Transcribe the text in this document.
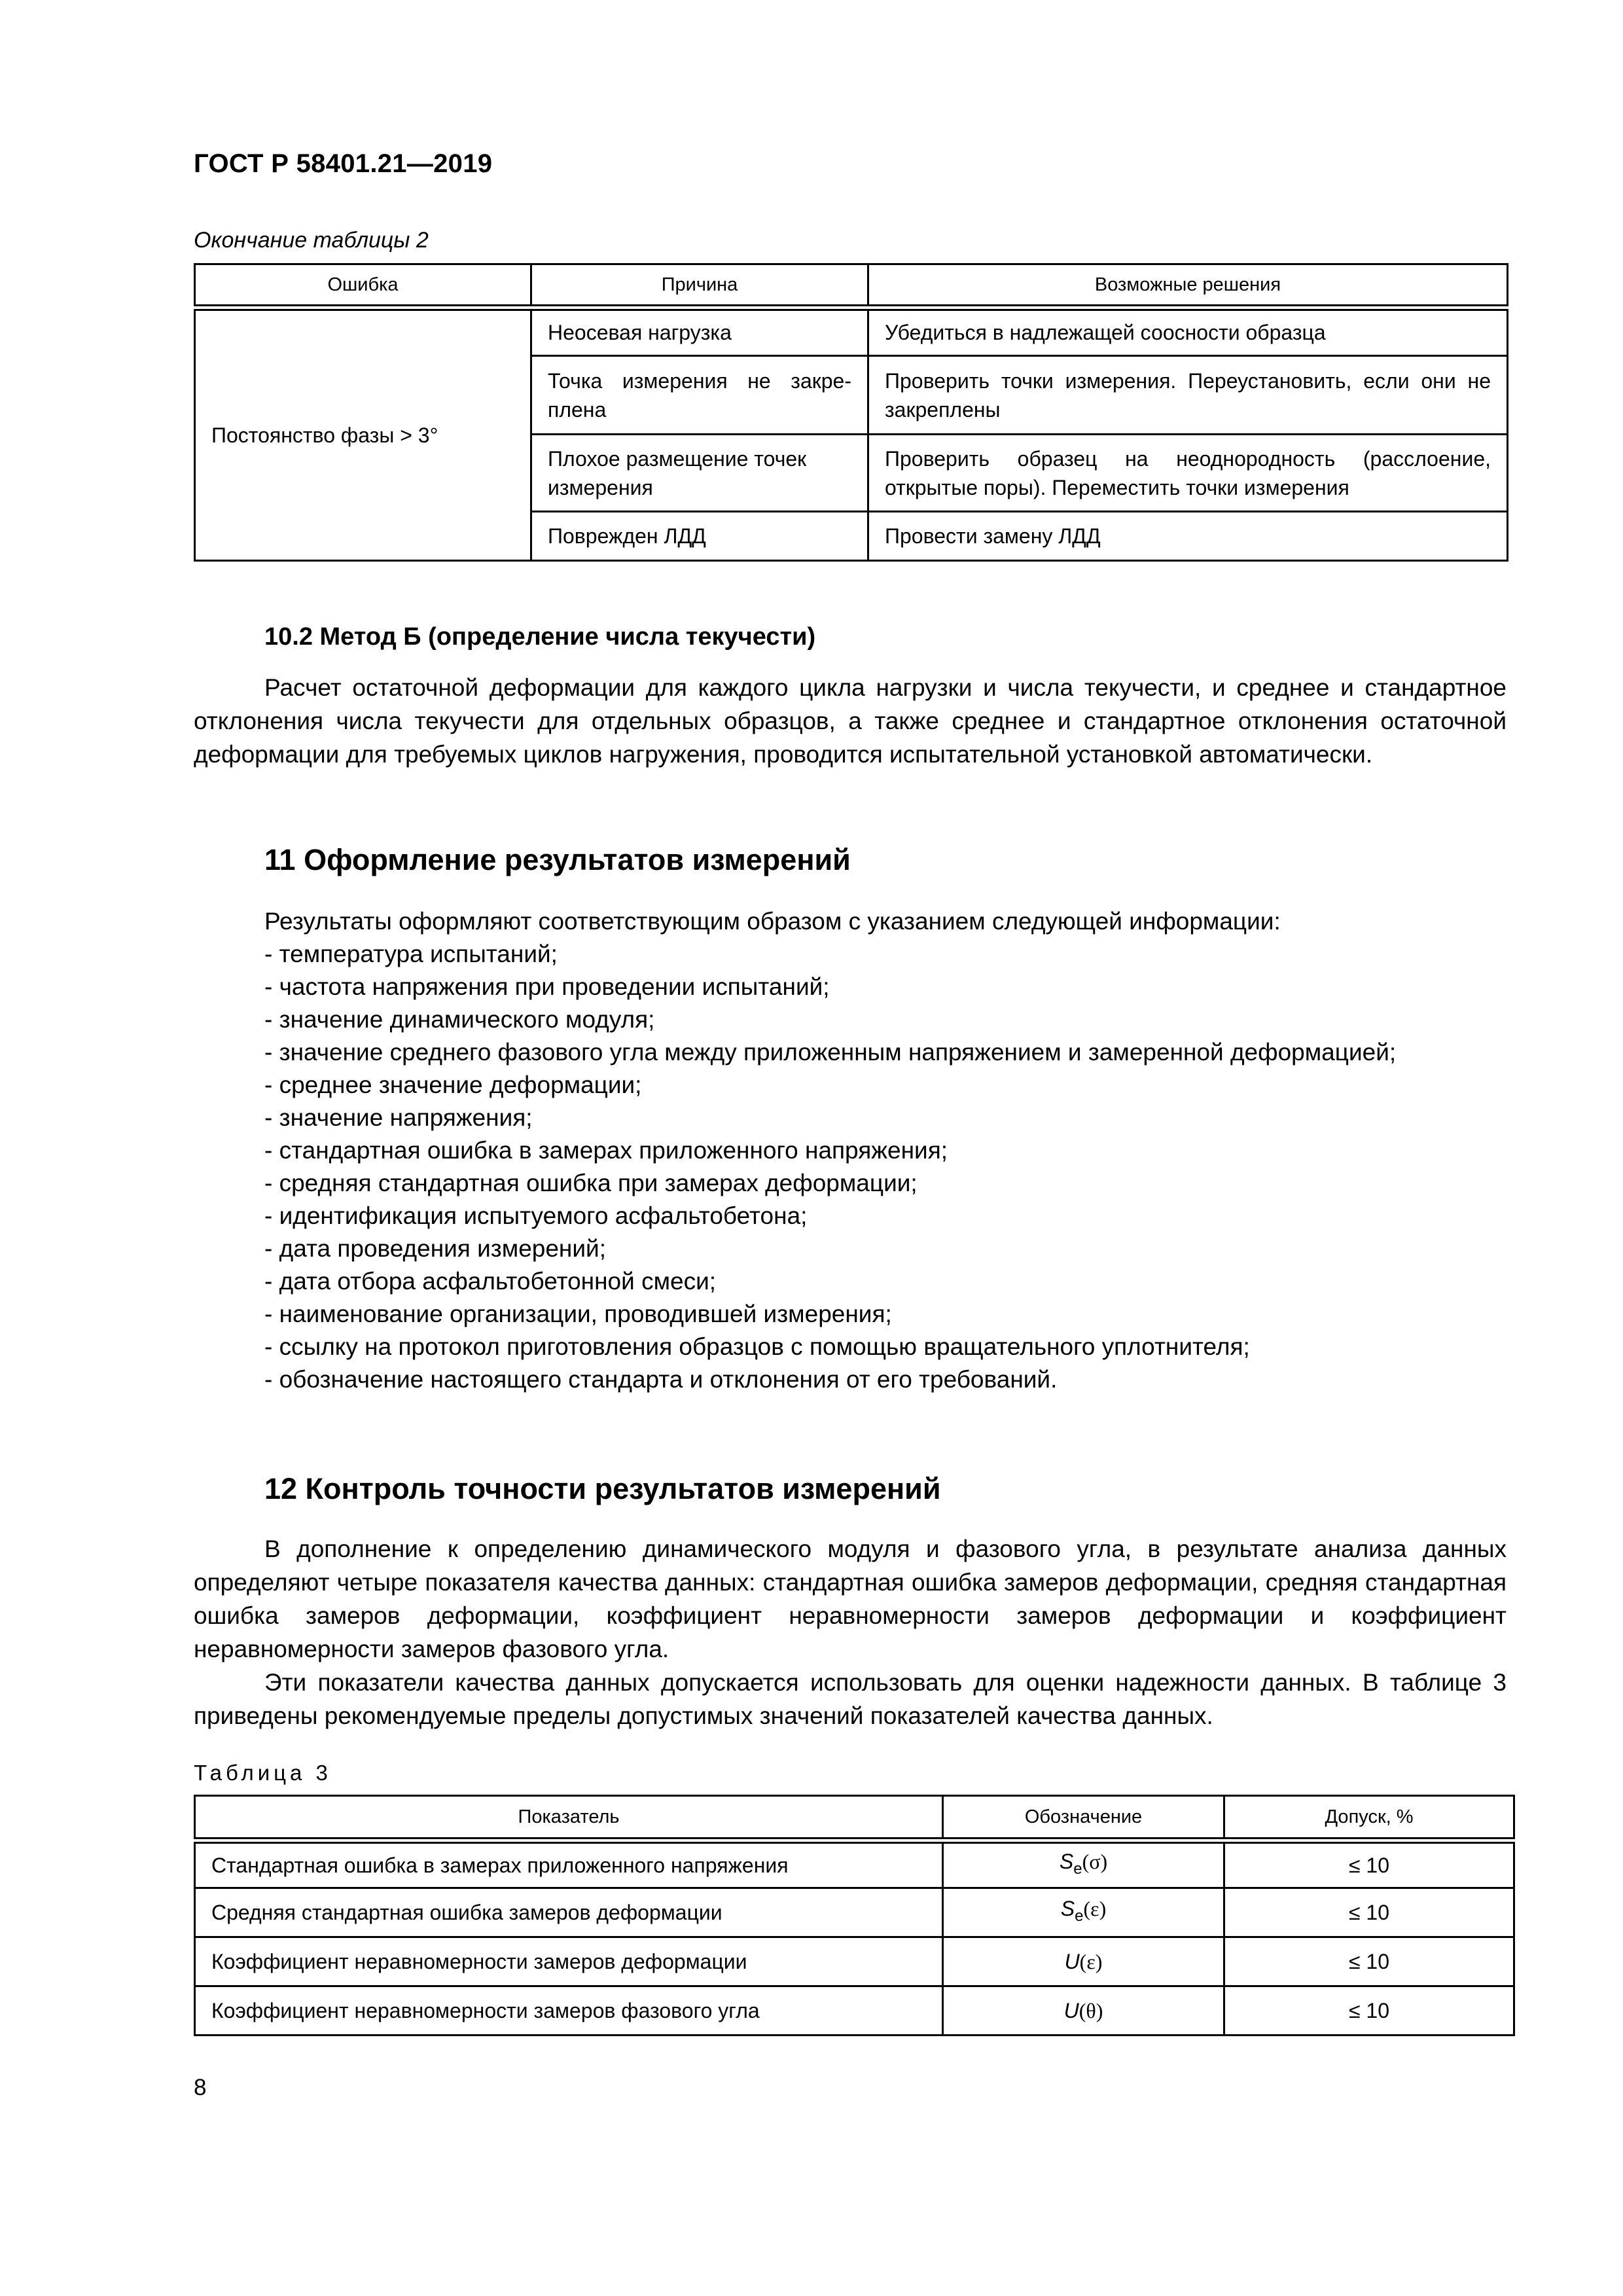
ГОСТ Р 58401.21—2019
Окончание таблицы 2
Ошибка	Причина	Возможные решения
Постоянство фазы > 3°	Неосевая нагрузка	Убедиться в надлежащей соосности образца
	Точка измерения не закре-плена	Проверить точки измерения. Переустановить, если они не закреплены
	Плохое размещение точек измерения	Проверить образец на неоднородность (расслоение, открытые поры). Переместить точки измерения
	Поврежден ЛДД	Провести замену ЛДД
10.2 Метод Б (определение числа текучести)
Расчет остаточной деформации для каждого цикла нагрузки и числа текучести, и среднее и стандартное отклонения числа текучести для отдельных образцов, а также среднее и стандартное отклонения остаточной деформации для требуемых циклов нагружения, проводится испытательной установкой автоматически.
11 Оформление результатов измерений
Результаты оформляют соответствующим образом с указанием следующей информации:
- температура испытаний;
- частота напряжения при проведении испытаний;
- значение динамического модуля;
- значение среднего фазового угла между приложенным напряжением и замеренной деформацией;
- среднее значение деформации;
- значение напряжения;
- стандартная ошибка в замерах приложенного напряжения;
- средняя стандартная ошибка при замерах деформации;
- идентификация испытуемого асфальтобетона;
- дата проведения измерений;
- дата отбора асфальтобетонной смеси;
- наименование организации, проводившей измерения;
- ссылку на протокол приготовления образцов с помощью вращательного уплотнителя;
- обозначение настоящего стандарта и отклонения от его требований.
12 Контроль точности результатов измерений
В дополнение к определению динамического модуля и фазового угла, в результате анализа данных определяют четыре показателя качества данных: стандартная ошибка замеров деформации, средняя стандартная ошибка замеров деформации, коэффициент неравномерности замеров деформации и коэффициент неравномерности замеров фазового угла.
Эти показатели качества данных допускается использовать для оценки надежности данных. В таблице 3 приведены рекомендуемые пределы допустимых значений показателей качества данных.
Таблица 3
Показатель	Обозначение	Допуск, %
Стандартная ошибка в замерах приложенного напряжения	$S_e(\sigma)$	≤ 10
Средняя стандартная ошибка замеров деформации	$S_e(\varepsilon)$	≤ 10
Коэффициент неравномерности замеров деформации	U(ε)	≤ 10
Коэффициент неравномерности замеров фазового угла	U(θ)	≤ 10
8
